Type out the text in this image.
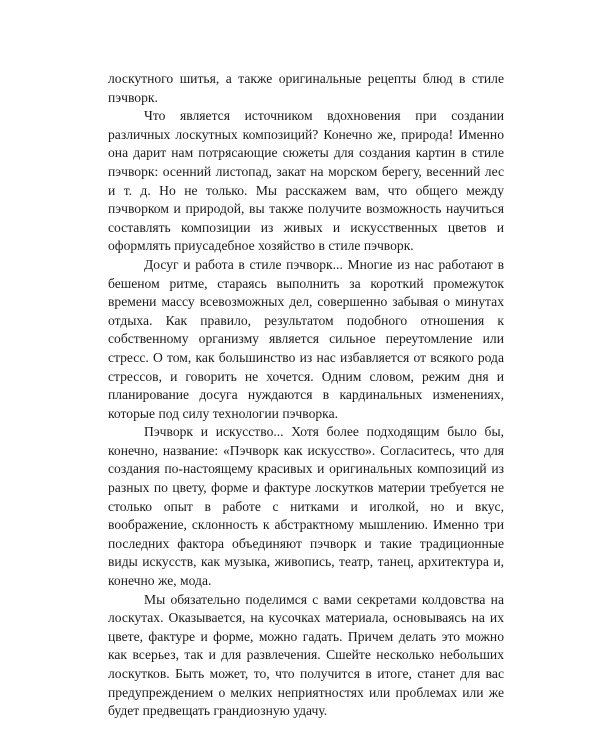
лоскутного шитья, а также оригинальные рецепты блюд в стиле пэчворк.

Что является источником вдохновения при создании различных лоскутных композиций? Конечно же, природа! Именно она дарит нам потрясающие сюжеты для создания картин в стиле пэчворк: осенний листопад, закат на морском берегу, весенний лес и т. д. Но не только. Мы расскажем вам, что общего между пэчворком и природой, вы также получите возможность научиться составлять композиции из живых и искусственных цветов и оформлять приусадебное хозяйство в стиле пэчворк.

Досуг и работа в стиле пэчворк... Многие из нас работают в бешеном ритме, стараясь выполнить за короткий промежуток времени массу всевозможных дел, совершенно забывая о минутах отдыха. Как правило, результатом подобного отношения к собственному организму является сильное переутомление или стресс. О том, как большинство из нас избавляется от всякого рода стрессов, и говорить не хочется. Одним словом, режим дня и планирование досуга нуждаются в кардинальных изменениях, которые под силу технологии пэчворка.

Пэчворк и искусство... Хотя более подходящим было бы, конечно, название: «Пэчворк как искусство». Согласитесь, что для создания по-настоящему красивых и оригинальных композиций из разных по цвету, форме и фактуре лоскутков материи требуется не столько опыт в работе с нитками и иголкой, но и вкус, воображение, склонность к абстрактному мышлению. Именно три последних фактора объединяют пэчворк и такие традиционные виды искусств, как музыка, живопись, театр, танец, архитектура и, конечно же, мода.

Мы обязательно поделимся с вами секретами колдовства на лоскутах. Оказывается, на кусочках материала, основываясь на их цвете, фактуре и форме, можно гадать. Причем делать это можно как всерьез, так и для развлечения. Сшейте несколько небольших лоскутков. Быть может, то, что получится в итоге, станет для вас предупреждением о мелких неприятностях или проблемах или же будет предвещать грандиозную удачу.
